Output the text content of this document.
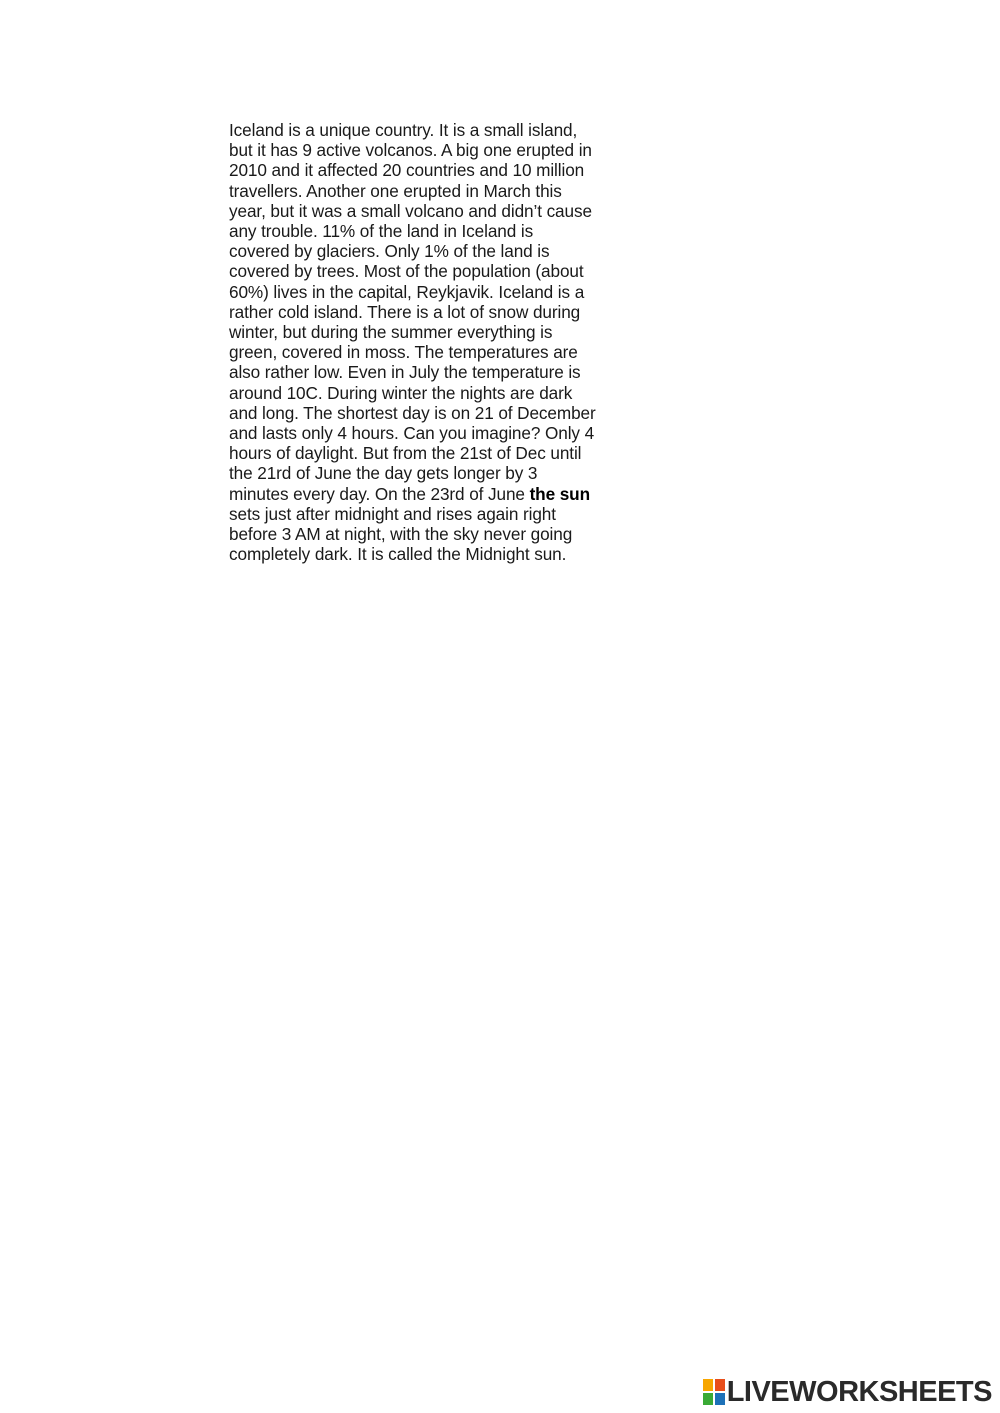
Iceland is a unique country. It is a small island,
but it has 9 active volcanos. A big one erupted in
2010 and it affected 20 countries and 10 million
travellers. Another one erupted in March this
year, but it was a small volcano and didn’t cause
any trouble. 11% of the land in Iceland is
covered by glaciers. Only 1% of the land is
covered by trees. Most of the population (about
60%) lives in the capital, Reykjavik. Iceland is a
rather cold island. There is a lot of snow during
winter, but during the summer everything is
green, covered in moss. The temperatures are
also rather low. Even in July the temperature is
around 10C. During winter the nights are dark
and long. The shortest day is on 21 of December
and lasts only 4 hours. Can you imagine? Only 4
hours of daylight. But from the 21st of Dec until
the 21rd of June the day gets longer by 3
minutes every day. On the 23rd of June the sun
sets just after midnight and rises again right
before 3 AM at night, with the sky never going
completely dark. It is called the Midnight sun.

LIVEWORKSHEETS
